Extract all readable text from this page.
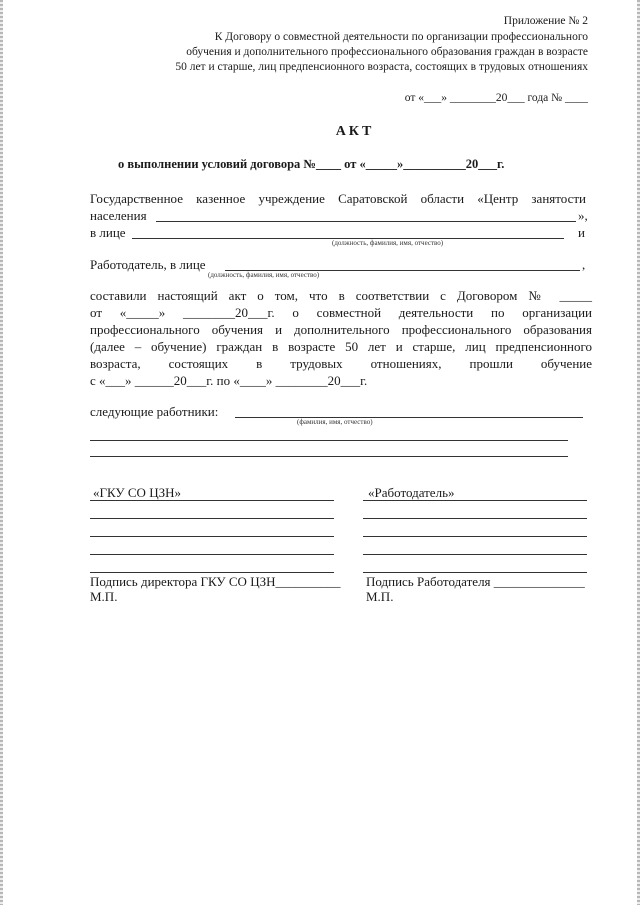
Приложение № 2
К Договору о совместной деятельности по организации профессионального
обучения и дополнительного профессионального образования граждан в возрасте
50 лет и старше, лиц предпенсионного возраста, состоящих в трудовых отношениях
от «___» ________20___ года № ____
АКТ
о выполнении условий договора №____ от «_____»__________20___г.
Государственное казенное учреждение Саратовской области «Центр занятости
населения	»,
в лице	и
(должность, фамилия, имя, отчество)
Работодатель, в лице	,
(должность, фамилия, имя, отчество)
составили настоящий акт о том, что в соответствии с Договором № _____
от «_____» ________20___г. о совместной деятельности по организации
профессионального обучения и дополнительного профессионального образования
(далее – обучение) граждан в возрасте 50 лет и старше, лиц предпенсионного
возраста, состоящих в трудовых отношениях, прошли обучение
с «___» ______20___г. по «____» ________20___г.
следующие работники:
(фамилия, имя, отчество)
«ГКУ СО ЦЗН»
Подпись директора ГКУ СО ЦЗН__________
М.П.
«Работодатель»
Подпись Работодателя ______________
М.П.
